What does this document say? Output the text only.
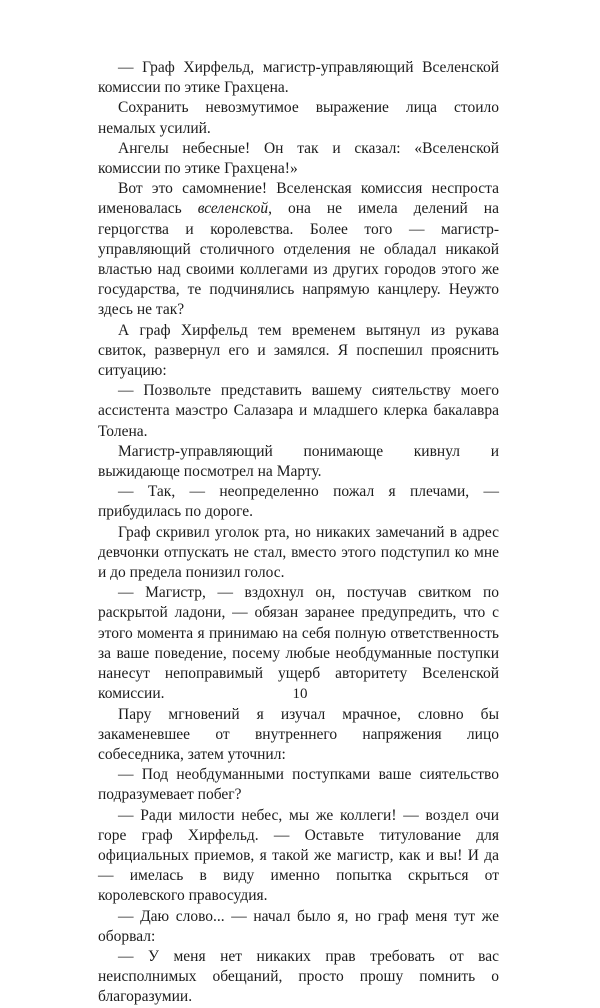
— Граф Хирфельд, магистр-управляющий Вселенской комиссии по этике Грахцена.

Сохранить невозмутимое выражение лица стоило немалых усилий.

Ангелы небесные! Он так и сказал: «Вселенской комиссии по этике Грахцена!»

Вот это самомнение! Вселенская комиссия неспроста именовалась вселенской, она не имела делений на герцогства и королевства. Более того — магистр-управляющий столичного отделения не обладал никакой властью над своими коллегами из других городов этого же государства, те подчинялись напрямую канцлеру. Неужто здесь не так?

А граф Хирфельд тем временем вытянул из рукава свиток, развернул его и замялся. Я поспешил прояснить ситуацию:

— Позвольте представить вашему сиятельству моего ассистента маэстро Салазара и младшего клерка бакалавра Толена.

Магистр-управляющий понимающе кивнул и выжидающе посмотрел на Марту.

— Так, — неопределенно пожал я плечами, — прибудилась по дороге.

Граф скривил уголок рта, но никаких замечаний в адрес девчонки отпускать не стал, вместо этого подступил ко мне и до предела понизил голос.

— Магистр, — вздохнул он, постучав свитком по раскрытой ладони, — обязан заранее предупредить, что с этого момента я принимаю на себя полную ответственность за ваше поведение, посему любые необдуманные поступки нанесут непоправимый ущерб авторитету Вселенской комиссии.

Пару мгновений я изучал мрачное, словно бы закаменевшее от внутреннего напряжения лицо собеседника, затем уточнил:

— Под необдуманными поступками ваше сиятельство подразумевает побег?

— Ради милости небес, мы же коллеги! — воздел очи горе граф Хирфельд. — Оставьте титулование для официальных приемов, я такой же магистр, как и вы! И да — имелась в виду именно попытка скрыться от королевского правосудия.

— Даю слово... — начал было я, но граф меня тут же оборвал:

— У меня нет никаких прав требовать от вас неисполнимых обещаний, просто прошу помнить о благоразумии.

10
